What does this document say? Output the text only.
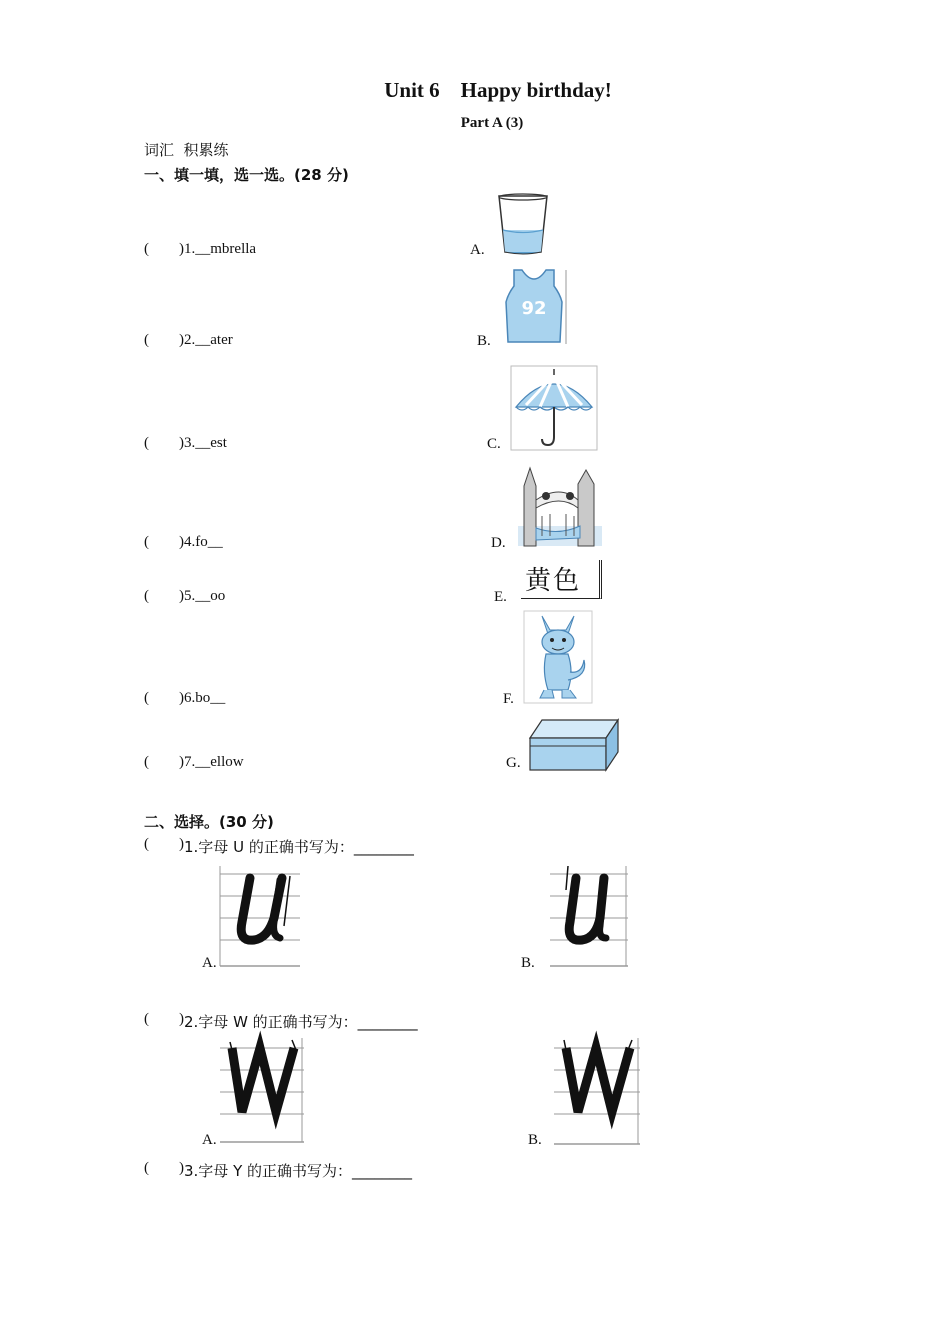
Unit 6　Happy birthday!
Part A (3)
词汇  积累练
一、填一填，选一选。(28 分)
(        ) 1.__mbrella
(        ) 2.__ater
(        ) 3.__est
(        ) 4.fo__
(        ) 5.__oo
(        ) 6.bo__
(        ) 7.__ellow
A.
B.
92
C.
D.
E.
黄色
F.
G.
二、选择。(30 分)
(        ) 1.字母 U 的正确书写为：________
A.	B.
(        ) 2.字母 W 的正确书写为：________
A.	B.
(        ) 3.字母 Y 的正确书写为：________
